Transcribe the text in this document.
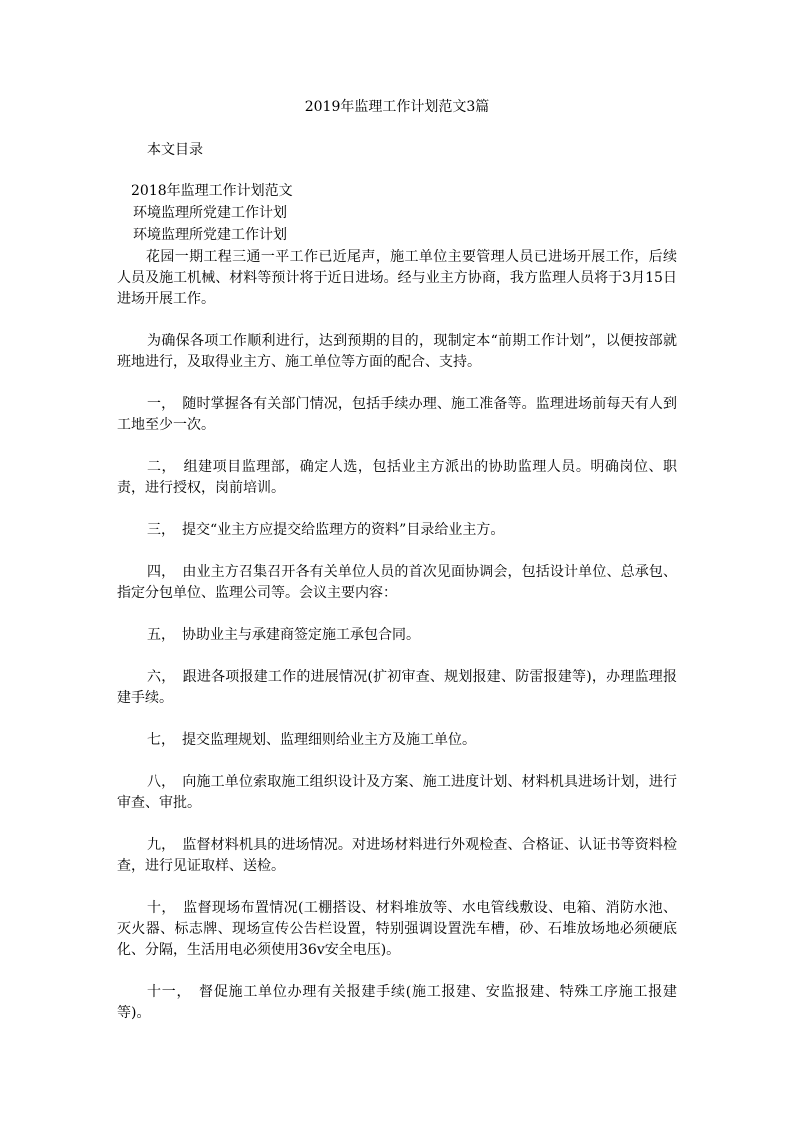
2019年监理工作计划范文3篇
本文目录
2018年监理工作计划范文
环境监理所党建工作计划
环境监理所党建工作计划

花园一期工程三通一平工作已近尾声，施工单位主要管理人员已进场开展工作，后续人员及施工机械、材料等预计将于近日进场。经与业主方协商，我方监理人员将于3月15日进场开展工作。

为确保各项工作顺利进行，达到预期的目的，现制定本“前期工作计划”，以便按部就班地进行，及取得业主方、施工单位等方面的配合、支持。

一，　随时掌握各有关部门情况，包括手续办理、施工准备等。监理进场前每天有人到工地至少一次。

二，　组建项目监理部，确定人选，包括业主方派出的协助监理人员。明确岗位、职责，进行授权，岗前培训。

三，　提交“业主方应提交给监理方的资料”目录给业主方。

四，　由业主方召集召开各有关单位人员的首次见面协调会，包括设计单位、总承包、指定分包单位、监理公司等。会议主要内容：

五，　协助业主与承建商签定施工承包合同。

六，　跟进各项报建工作的进展情况(扩初审查、规划报建、防雷报建等)，办理监理报建手续。

七，　提交监理规划、监理细则给业主方及施工单位。

八，　向施工单位索取施工组织设计及方案、施工进度计划、材料机具进场计划，进行审查、审批。

九，　监督材料机具的进场情况。对进场材料进行外观检查、合格证、认证书等资料检查，进行见证取样、送检。

十，　监督现场布置情况(工棚搭设、材料堆放等、水电管线敷设、电箱、消防水池、灭火器、标志牌、现场宣传公告栏设置，特别强调设置洗车槽，砂、石堆放场地必须硬底化、分隔，生活用电必须使用36v安全电压)。

十一，　督促施工单位办理有关报建手续(施工报建、安监报建、特殊工序施工报建等)。
